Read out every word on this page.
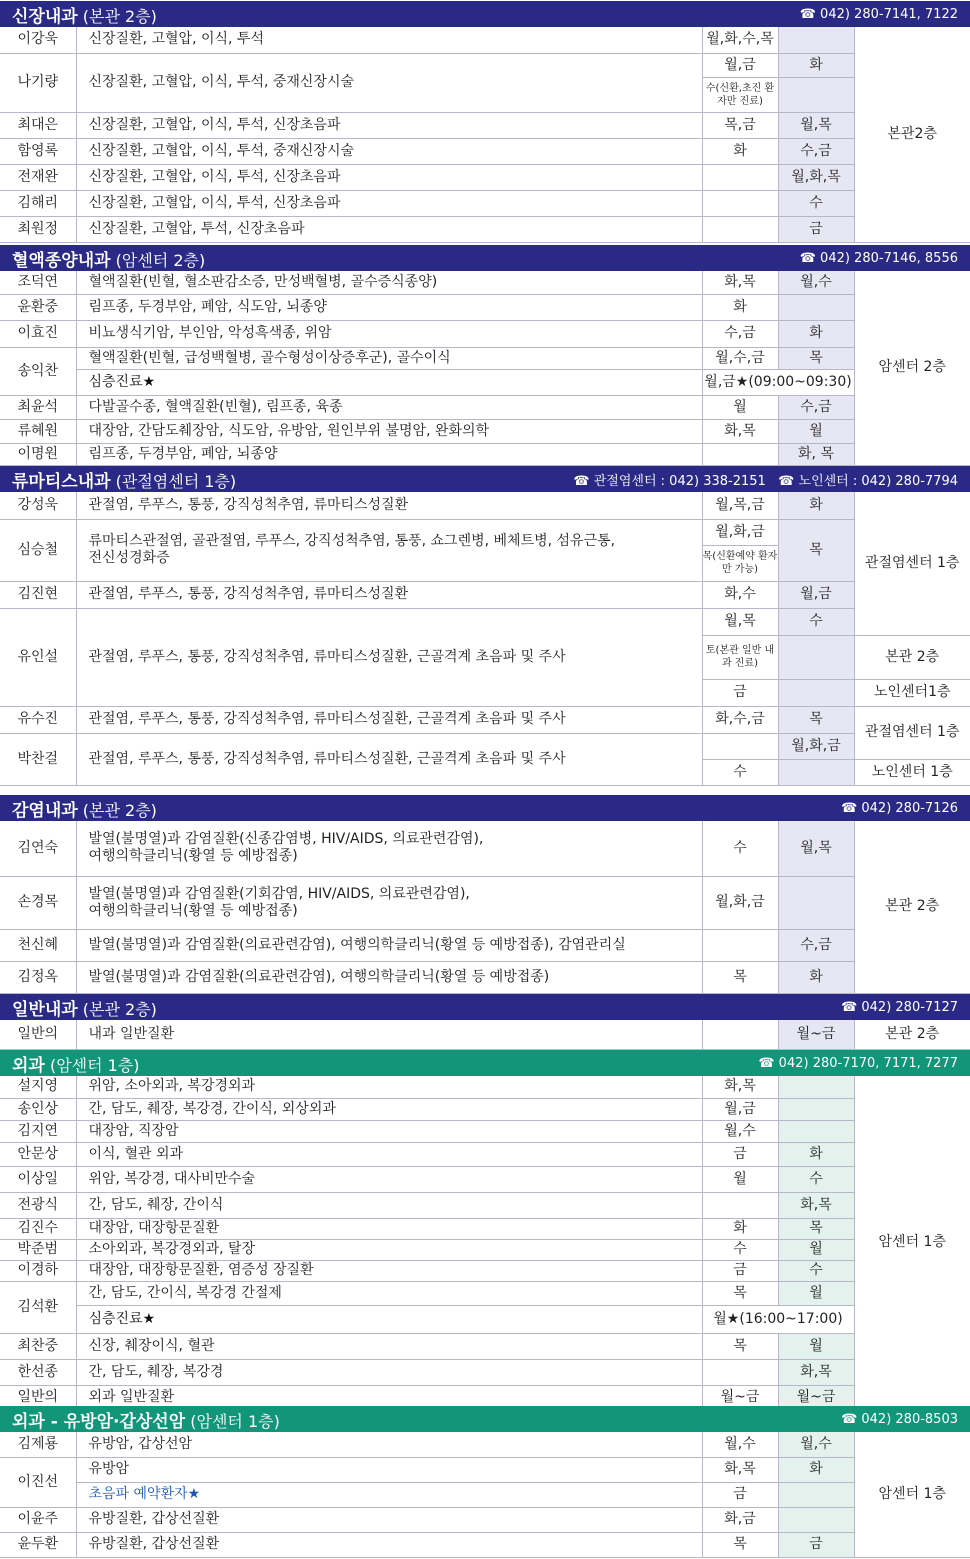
신장내과 (본관 2층)	☎ 042) 280-7141, 7122
이강욱	신장질환, 고혈압, 이식, 투석	월,화,수,목		본관2층
나기량	신장질환, 고혈압, 이식, 투석, 중재신장시술	월,금	화	
		수(신환,초진 환자만 진료)		
최대은	신장질환, 고혈압, 이식, 투석, 신장초음파	목,금	월,목	
함영록	신장질환, 고혈압, 이식, 투석, 중재신장시술	화	수,금	
전재완	신장질환, 고혈압, 이식, 투석, 신장초음파		월,화,목	
김해리	신장질환, 고혈압, 이식, 투석, 신장초음파		수	
최원정	신장질환, 고혈압, 투석, 신장초음파		금	
혈액종양내과 (암센터 2층)	☎ 042) 280-7146, 8556
조덕연	혈액질환(빈혈, 혈소판감소증, 만성백혈병, 골수증식종양)	화,목	월,수	암센터 2층
윤환중	림프종, 두경부암, 폐암, 식도암, 뇌종양	화		
이효진	비뇨생식기암, 부인암, 악성흑색종, 위암	수,금	화	
송익찬	혈액질환(빈혈, 급성백혈병, 골수형성이상증후군), 골수이식	월,수,금	목	
	심층진료★	월,금★(09:00~09:30)		
최윤석	다발골수종, 혈액질환(빈혈), 림프종, 육종	월	수,금	
류혜원	대장암, 간담도췌장암, 식도암, 유방암, 원인부위 불명암, 완화의학	화,목	월	
이명원	림프종, 두경부암, 폐암, 뇌종양		화, 목	
류마티스내과 (관절염센터 1층)	☎ 관절염센터 : 042) 338-2151   ☎ 노인센터 : 042) 280-7794
강성욱	관절염, 루푸스, 통풍, 강직성척추염, 류마티스성질환	월,목,금	화	관절염센터 1층
심승철	류마티스관절염, 골관절염, 루푸스, 강직성척추염, 통풍, 쇼그렌병, 베체트병, 섬유근통, 전신성경화증	월,화,금	목	
		목(신환예약 환자만 가능)		
김진현	관절염, 루푸스, 통풍, 강직성척추염, 류마티스성질환	화,수	월,금	
유인설	관절염, 루푸스, 통풍, 강직성척추염, 류마티스성질환, 근골격계 초음파 및 주사	월,목	수	
		토(본관 일반 내과 진료)		본관 2층
		금		노인센터1층
유수진	관절염, 루푸스, 통풍, 강직성척추염, 류마티스성질환, 근골격계 초음파 및 주사	화,수,금	목	관절염센터 1층
박찬걸	관절염, 루푸스, 통풍, 강직성척추염, 류마티스성질환, 근골격계 초음파 및 주사		월,화,금	
		수		노인센터 1층
감염내과 (본관 2층)	☎ 042) 280-7126
김연숙	발열(불명열)과 감염질환(신종감염병, HIV/AIDS, 의료관련감염),
여행의학클리닉(황열 등 예방접종)	수	월,목	본관 2층
손경목	발열(불명열)과 감염질환(기회감염, HIV/AIDS, 의료관련감염),
여행의학클리닉(황열 등 예방접종)	월,화,금		
천신혜	발열(불명열)과 감염질환(의료관련감염), 여행의학클리닉(황열 등 예방접종), 감염관리실		수,금	
김정옥	발열(불명열)과 감염질환(의료관련감염), 여행의학클리닉(황열 등 예방접종)	목	화	
일반내과 (본관 2층)	☎ 042) 280-7127
일반의	내과 일반질환		월~금	본관 2층
외과 (암센터 1층)	☎ 042) 280-7170, 7171, 7277
설지영	위암, 소아외과, 복강경외과	화,목		암센터 1층
송인상	간, 담도, 췌장, 복강경, 간이식, 외상외과	월,금		
김지연	대장암, 직장암	월,수		
안문상	이식, 혈관 외과	금	화	
이상일	위암, 복강경, 대사비만수술	월	수	
전광식	간, 담도, 췌장, 간이식		화,목	
김진수	대장암, 대장항문질환	화	목	
박준범	소아외과, 복강경외과, 탈장	수	월	
이경하	대장암, 대장항문질환, 염증성 장질환	금	수	
김석환	간, 담도, 간이식, 복강경 간절제	목	월	
	심층진료★	월★(16:00~17:00)		
최찬중	신장, 췌장이식, 혈관	목	월	
한선종	간, 담도, 췌장, 복강경		화,목	
일반의	외과 일반질환	월~금	월~금	
외과 - 유방암·갑상선암 (암센터 1층)	☎ 042) 280-8503
김제룡	유방암, 갑상선암	월,수	월,수	암센터 1층
이진선	유방암	화,목	화	
	초음파 예약환자★	금		
이윤주	유방질환, 갑상선질환	화,금		
윤두환	유방질환, 갑상선질환	목	금	
